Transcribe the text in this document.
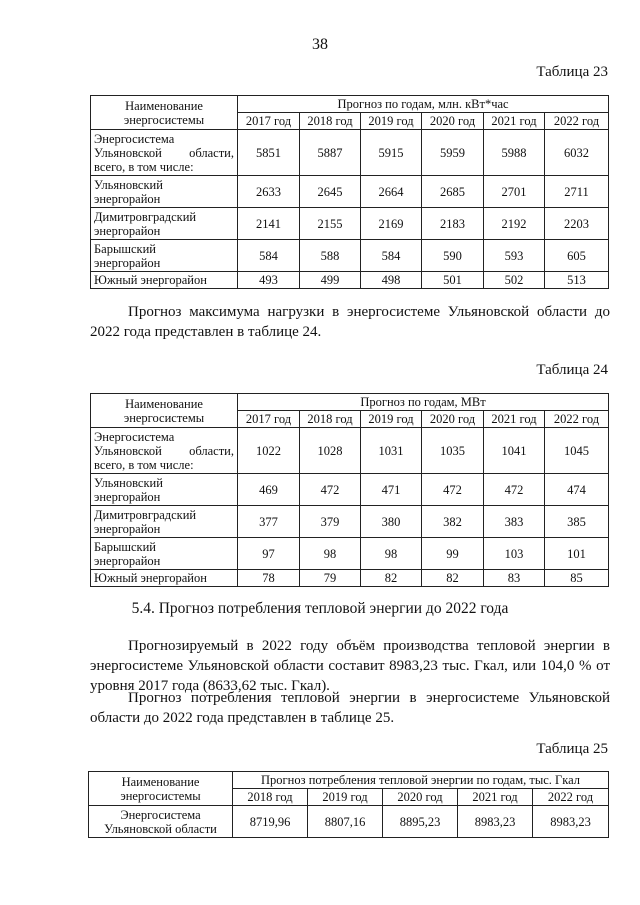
38
Таблица 23
Наименование
энергосистемы	Прогноз по годам, млн. кВт*час					
	2017 год	2018 год	2019 год	2020 год	2021 год	2022 год

Энергосистема
Ульяновской области,
всего, в том числе:	5851	5887	5915	5959	5988	6032

Ульяновский
энергорайон	2633	2645	2664	2685	2701	2711

Димитровградский
энергорайон	2141	2155	2169	2183	2192	2203

Барышский
энергорайон	584	588	584	590	593	605
Южный энергорайон	493	499	498	501	502	513
Прогноз максимума нагрузки в энергосистеме Ульяновской области до 2022 года представлен в таблице 24.
Таблица 24
Наименование
энергосистемы	Прогноз по годам, МВт					
	2017 год	2018 год	2019 год	2020 год	2021 год	2022 год

Энергосистема
Ульяновской области,
всего, в том числе:	1022	1028	1031	1035	1041	1045

Ульяновский
энергорайон	469	472	471	472	472	474

Димитровградский
энергорайон	377	379	380	382	383	385

Барышский
энергорайон	97	98	98	99	103	101
Южный энергорайон	78	79	82	82	83	85
5.4. Прогноз потребления тепловой энергии до 2022 года
Прогнозируемый в 2022 году объём производства тепловой энергии в энергосистеме Ульяновской области составит 8983,23 тыс. Гкал, или 104,0 % от уровня 2017 года (8633,62 тыс. Гкал).
Прогноз потребления тепловой энергии в энергосистеме Ульяновской области до 2022 года представлен в таблице 25.
Таблица 25
Наименование
энергосистемы	Прогноз потребления тепловой энергии по годам, тыс. Гкал				
	2018 год	2019 год	2020 год	2021 год	2022 год

Энергосистема
Ульяновской области	8719,96	8807,16	8895,23	8983,23	8983,23
